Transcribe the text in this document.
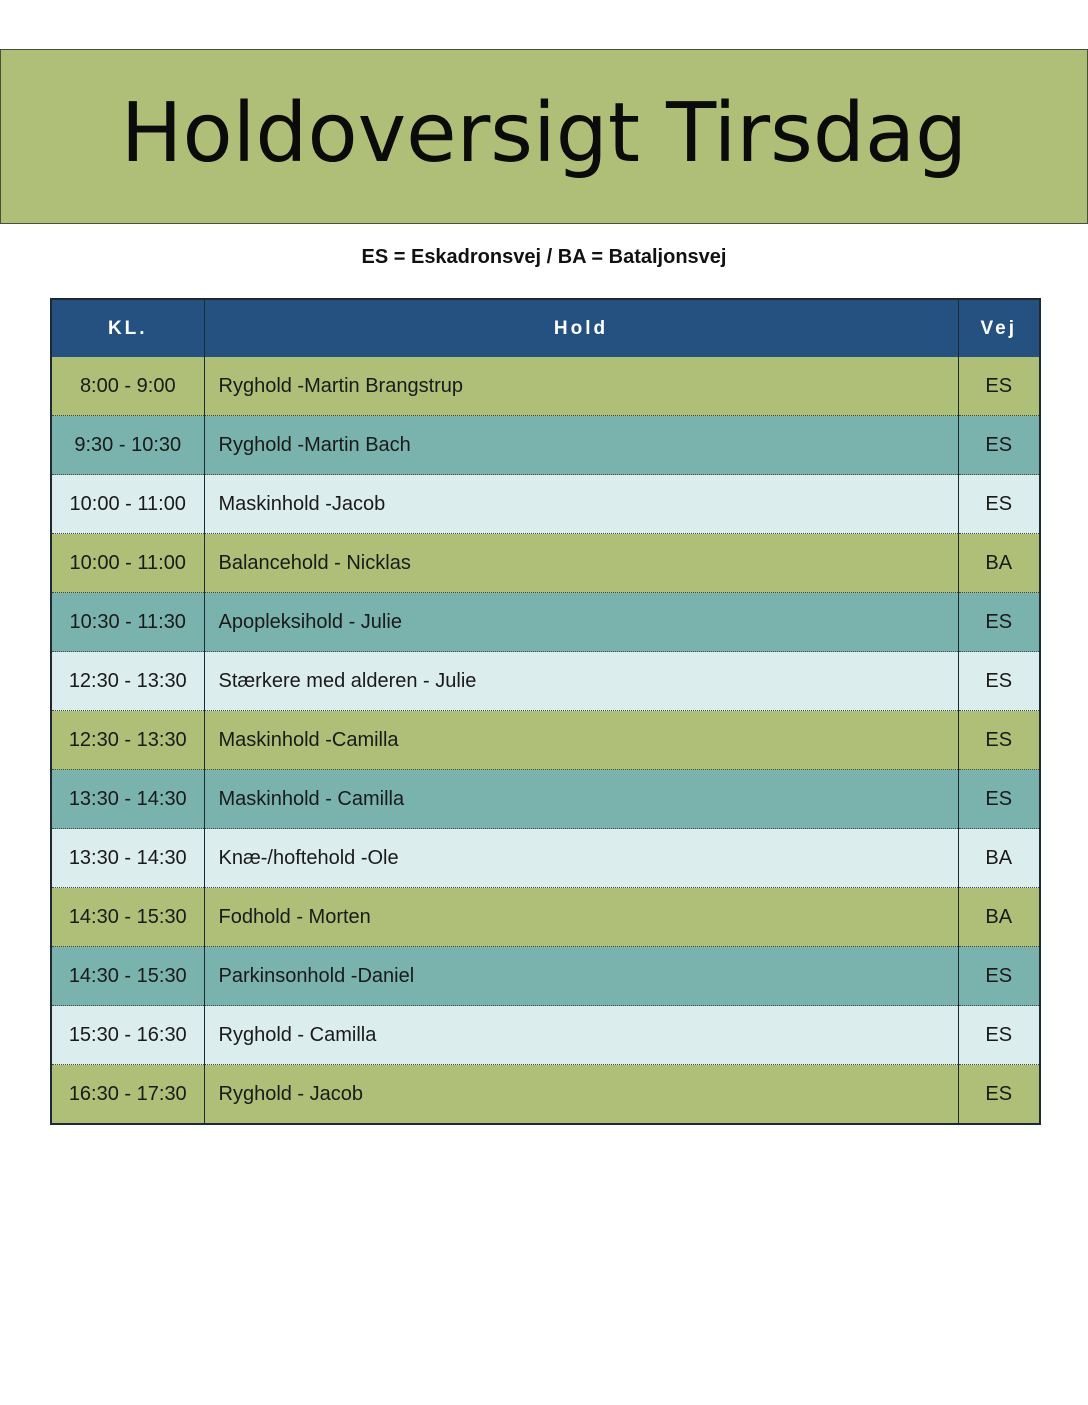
Holdoversigt Tirsdag
ES = Eskadronsvej / BA = Bataljonsvej
KL.	Hold	Vej
8:00 - 9:00	Ryghold -Martin Brangstrup	ES
9:30 - 10:30	Ryghold -Martin Bach	ES
10:00 - 11:00	Maskinhold -Jacob	ES
10:00 - 11:00	Balancehold - Nicklas	BA
10:30 - 11:30	Apopleksihold - Julie	ES
12:30 - 13:30	Stærkere med alderen - Julie	ES
12:30 - 13:30	Maskinhold -Camilla	ES
13:30 - 14:30	Maskinhold - Camilla	ES
13:30 - 14:30	Knæ-/hoftehold -Ole	BA
14:30 - 15:30	Fodhold - Morten	BA
14:30 - 15:30	Parkinsonhold -Daniel	ES
15:30 - 16:30	Ryghold - Camilla	ES
16:30 - 17:30	Ryghold - Jacob	ES
